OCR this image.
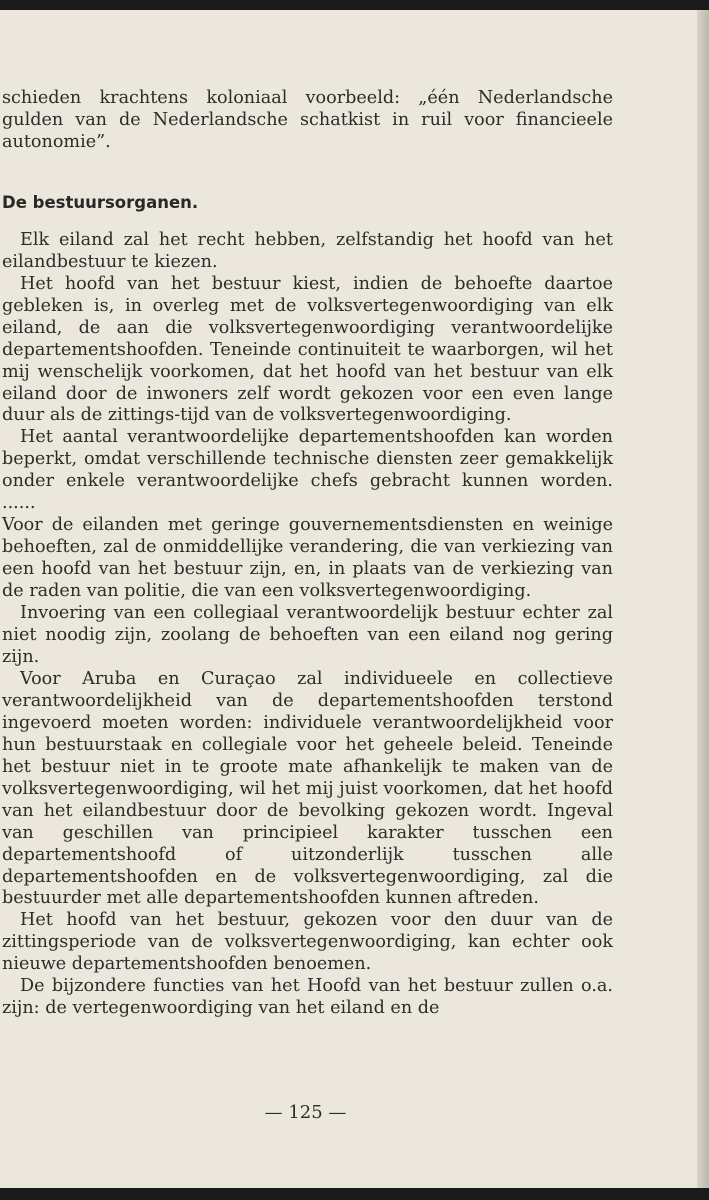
schieden krachtens koloniaal voorbeeld: „één Nederlandsche gulden van de Nederlandsche schatkist in ruil voor financieele autonomie”.

De bestuursorganen.

Elk eiland zal het recht hebben, zelfstandig het hoofd van het eilandbestuur te kiezen.

Het hoofd van het bestuur kiest, indien de behoefte daartoe gebleken is, in overleg met de volksvertegenwoordiging van elk eiland, de aan die volksvertegenwoordiging verantwoordelijke departementshoofden. Teneinde continuiteit te waarborgen, wil het mij wenschelijk voorkomen, dat het hoofd van het bestuur van elk eiland door de inwoners zelf wordt gekozen voor een even lange duur als de zittings-tijd van de volksvertegenwoordiging.

Het aantal verantwoordelijke departementshoofden kan worden beperkt, omdat verschillende technische diensten zeer gemakkelijk onder enkele verantwoordelijke chefs gebracht kunnen worden. ......

Voor de eilanden met geringe gouvernementsdiensten en weinige behoeften, zal de onmiddellijke verandering, die van verkiezing van een hoofd van het bestuur zijn, en, in plaats van de verkiezing van de raden van politie, die van een volksvertegenwoordiging.

Invoering van een collegiaal verantwoordelijk bestuur echter zal niet noodig zijn, zoolang de behoeften van een eiland nog gering zijn.

Voor Aruba en Curaçao zal individueele en collectieve verantwoordelijkheid van de departementshoofden terstond ingevoerd moeten worden: individuele verantwoordelijkheid voor hun bestuurstaak en collegiale voor het geheele beleid. Teneinde het bestuur niet in te groote mate afhankelijk te maken van de volksvertegenwoordiging, wil het mij juist voorkomen, dat het hoofd van het eilandbestuur door de bevolking gekozen wordt. Ingeval van geschillen van principieel karakter tusschen een departementshoofd of uitzonderlijk tusschen alle departementshoofden en de volksvertegenwoordiging, zal die bestuurder met alle departementshoofden kunnen aftreden.

Het hoofd van het bestuur, gekozen voor den duur van de zittingsperiode van de volksvertegenwoordiging, kan echter ook nieuwe departementshoofden benoemen.

De bijzondere functies van het Hoofd van het bestuur zullen o.a. zijn: de vertegenwoordiging van het eiland en de

— 125 —
